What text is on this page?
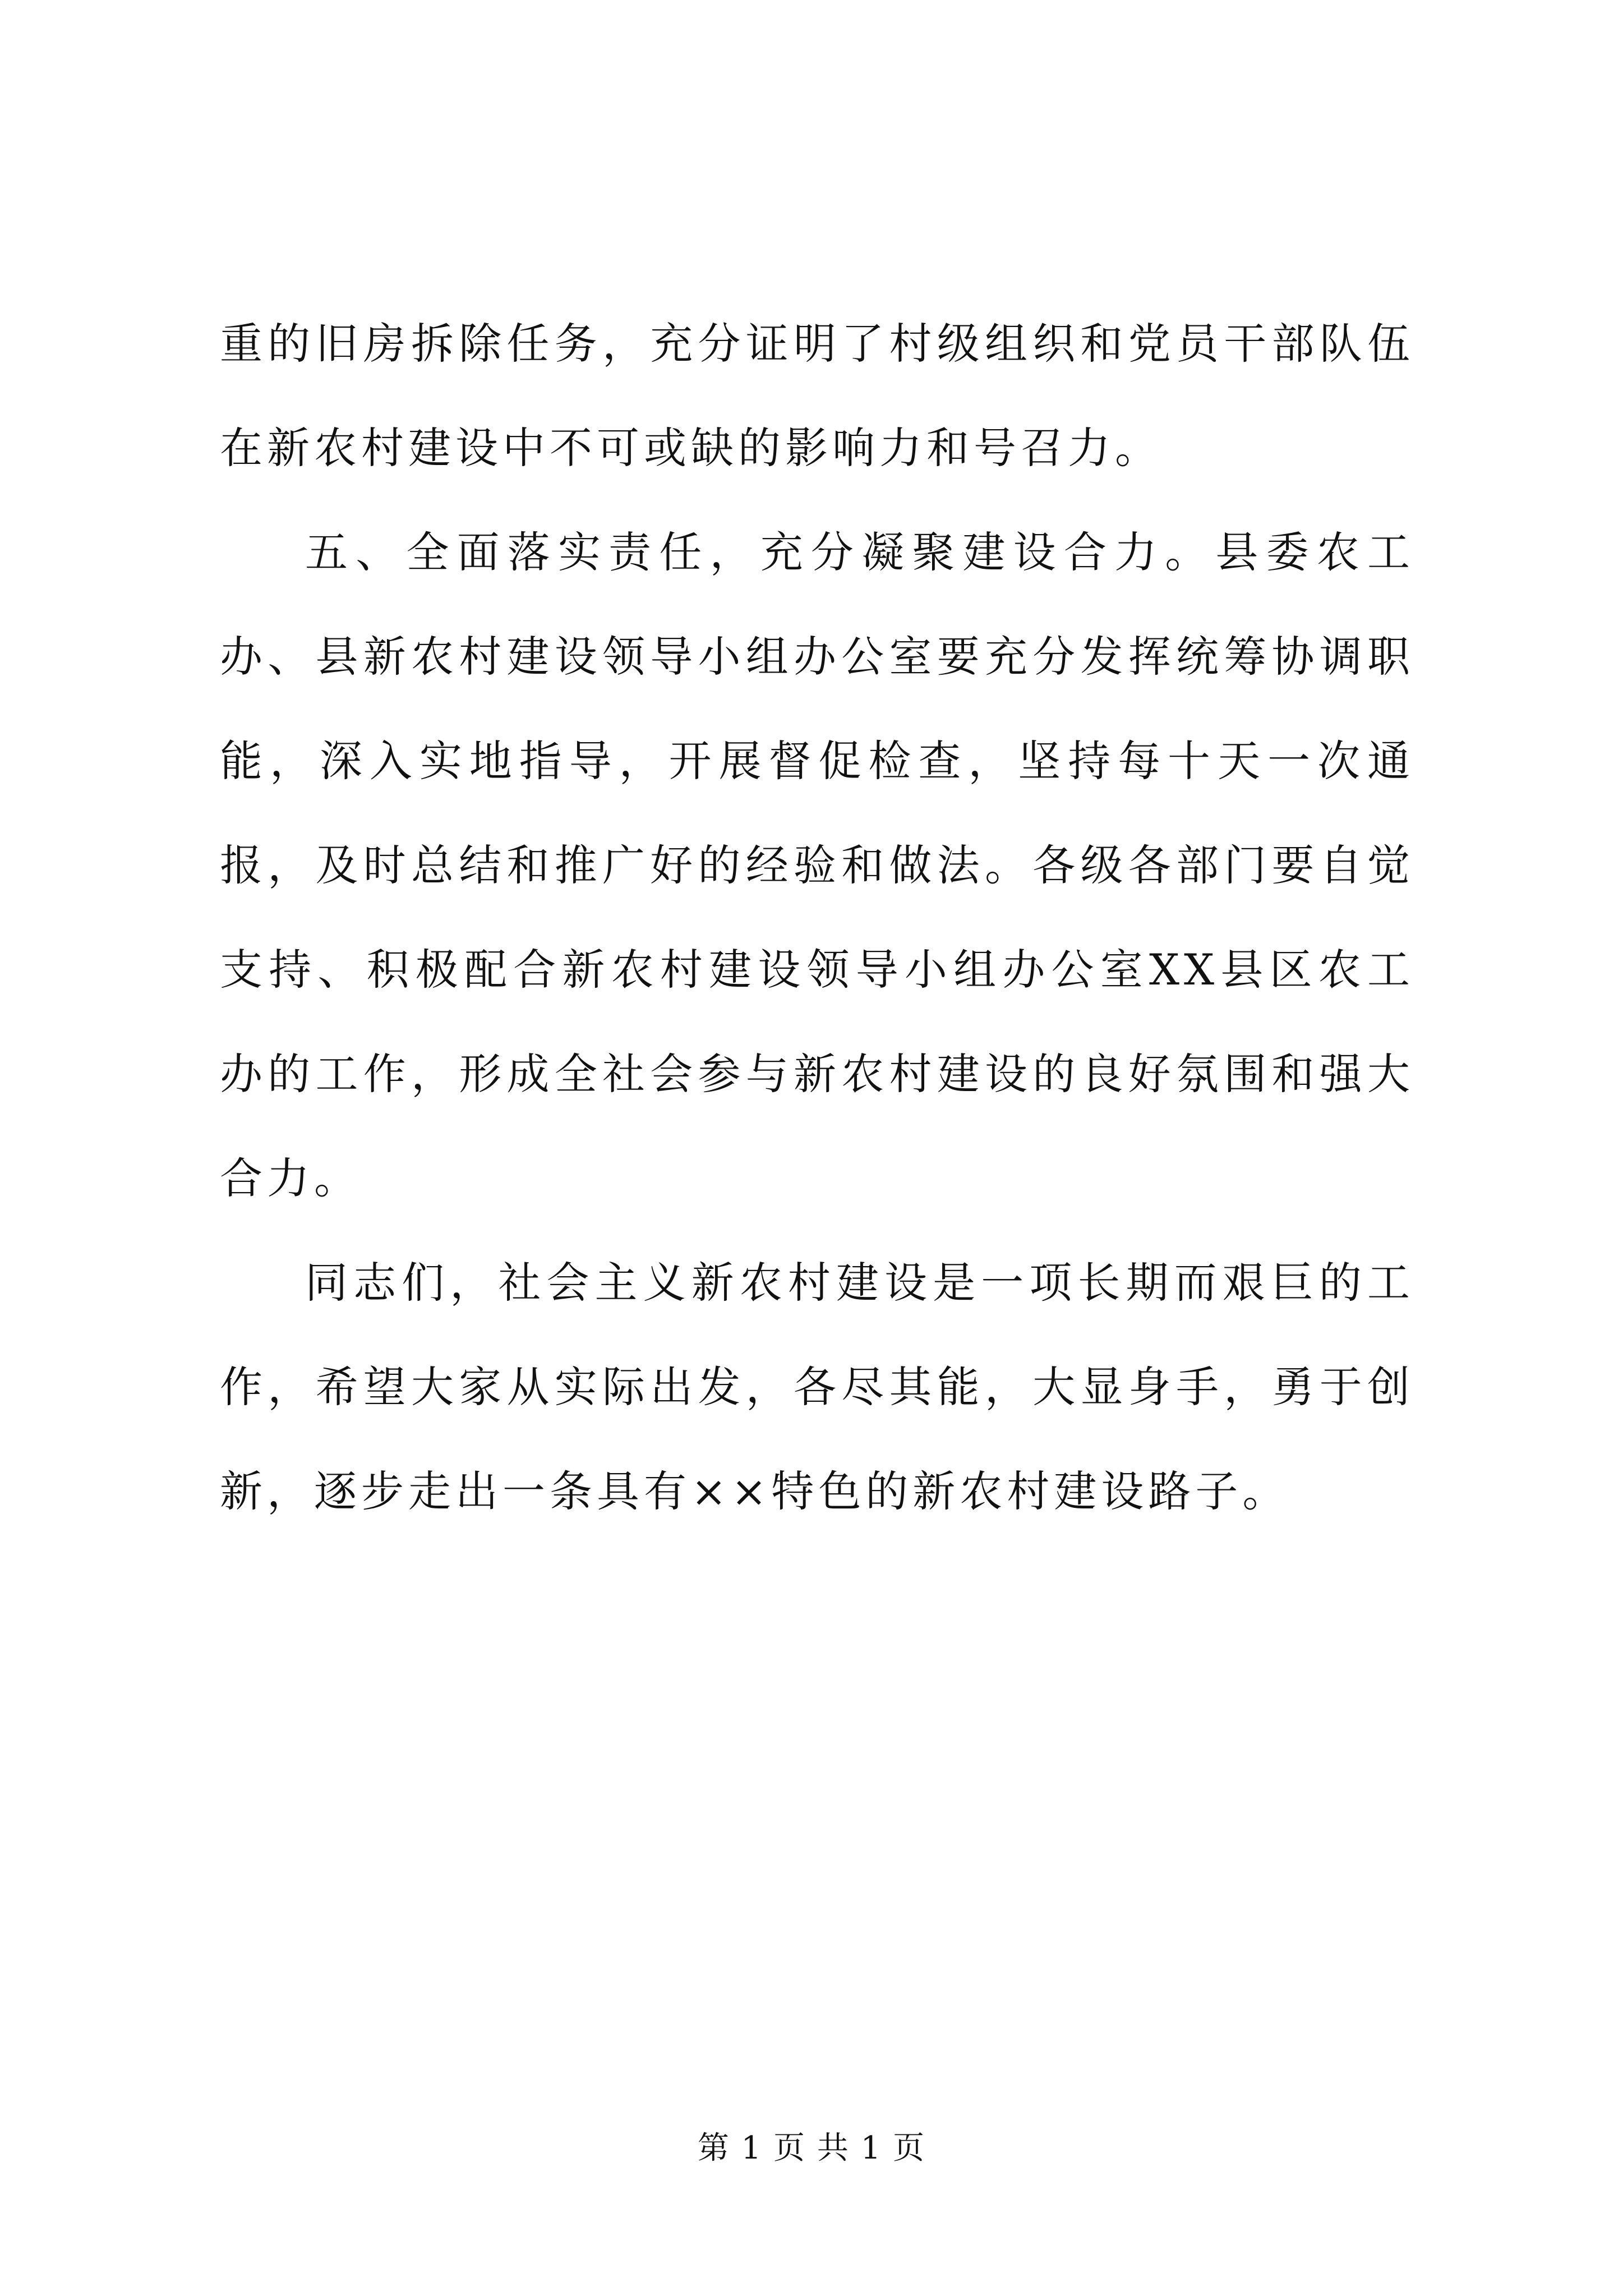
重的旧房拆除任务，充分证明了村级组织和党员干部队伍在新农村建设中不可或缺的影响力和号召力。

五、全面落实责任，充分凝聚建设合力。县委农工办、县新农村建设领导小组办公室要充分发挥统筹协调职能，深入实地指导，开展督促检查，坚持每十天一次通报，及时总结和推广好的经验和做法。各级各部门要自觉支持、积极配合新农村建设领导小组办公室XX县区农工办的工作，形成全社会参与新农村建设的良好氛围和强大合力。

同志们，社会主义新农村建设是一项长期而艰巨的工作，希望大家从实际出发，各尽其能，大显身手，勇于创新，逐步走出一条具有××特色的新农村建设路子。

第 1 页 共 1 页
